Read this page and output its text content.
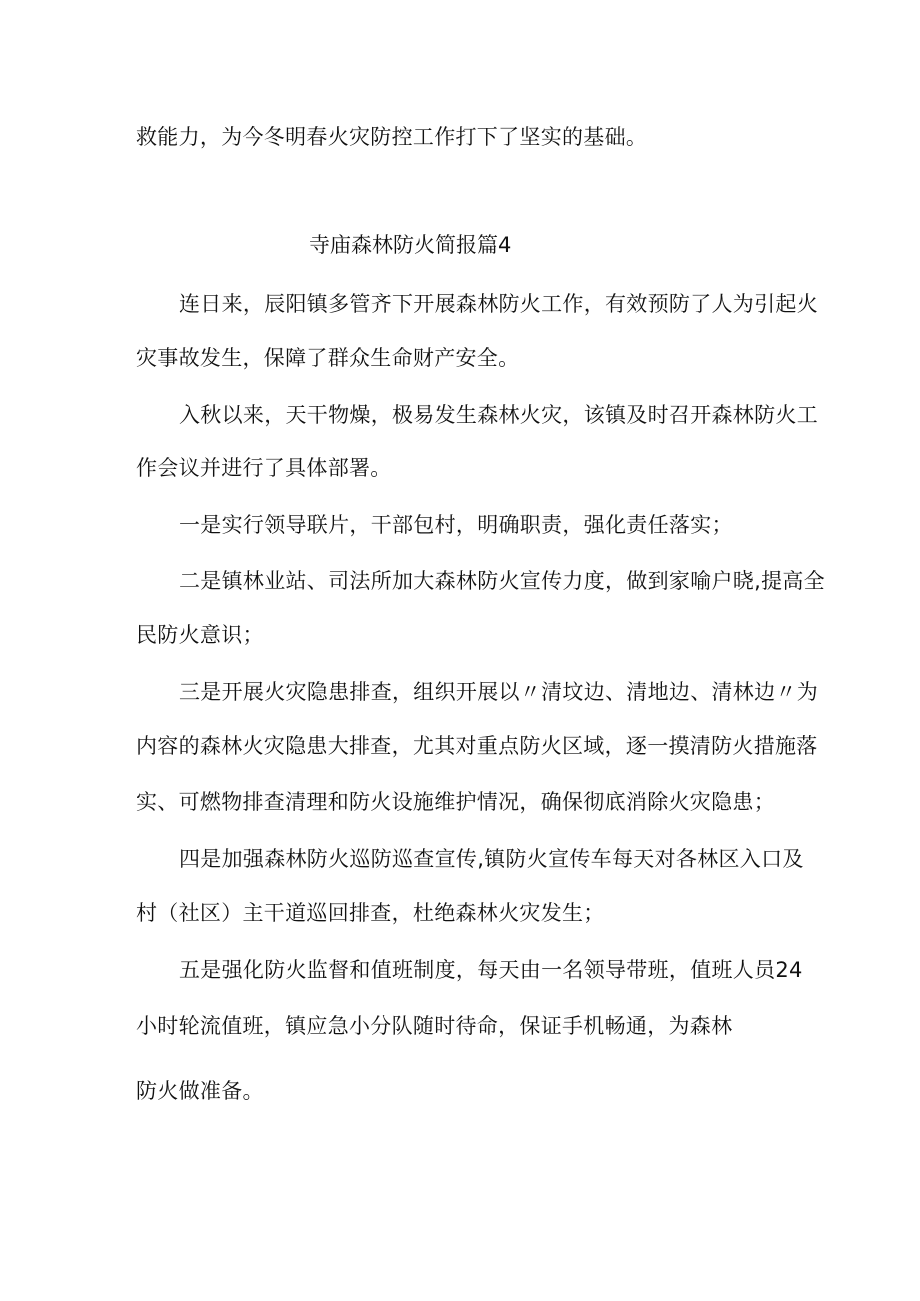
救能力，为今冬明春火灾防控工作打下了坚实的基础。
寺庙森林防火简报篇4
连日来，辰阳镇多管齐下开展森林防火工作，有效预防了人为引起火
灾事故发生，保障了群众生命财产安全。
入秋以来，天干物燥，极易发生森林火灾，该镇及时召开森林防火工
作会议并进行了具体部署。
一是实行领导联片，干部包村，明确职责，强化责任落实；
二是镇林业站、司法所加大森林防火宣传力度，做到家喻户晓,提高全
民防火意识；
三是开展火灾隐患排查，组织开展以〃清坟边、清地边、清林边〃为
内容的森林火灾隐患大排查，尤其对重点防火区域，逐一摸清防火措施落
实、可燃物排查清理和防火设施维护情况，确保彻底消除火灾隐患；
四是加强森林防火巡防巡查宣传,镇防火宣传车每天对各林区入口及
村（社区）主干道巡回排查，杜绝森林火灾发生；
五是强化防火监督和值班制度，每天由一名领导带班，值班人员24
小时轮流值班，镇应急小分队随时待命，保证手机畅通，为森林
防火做准备。
